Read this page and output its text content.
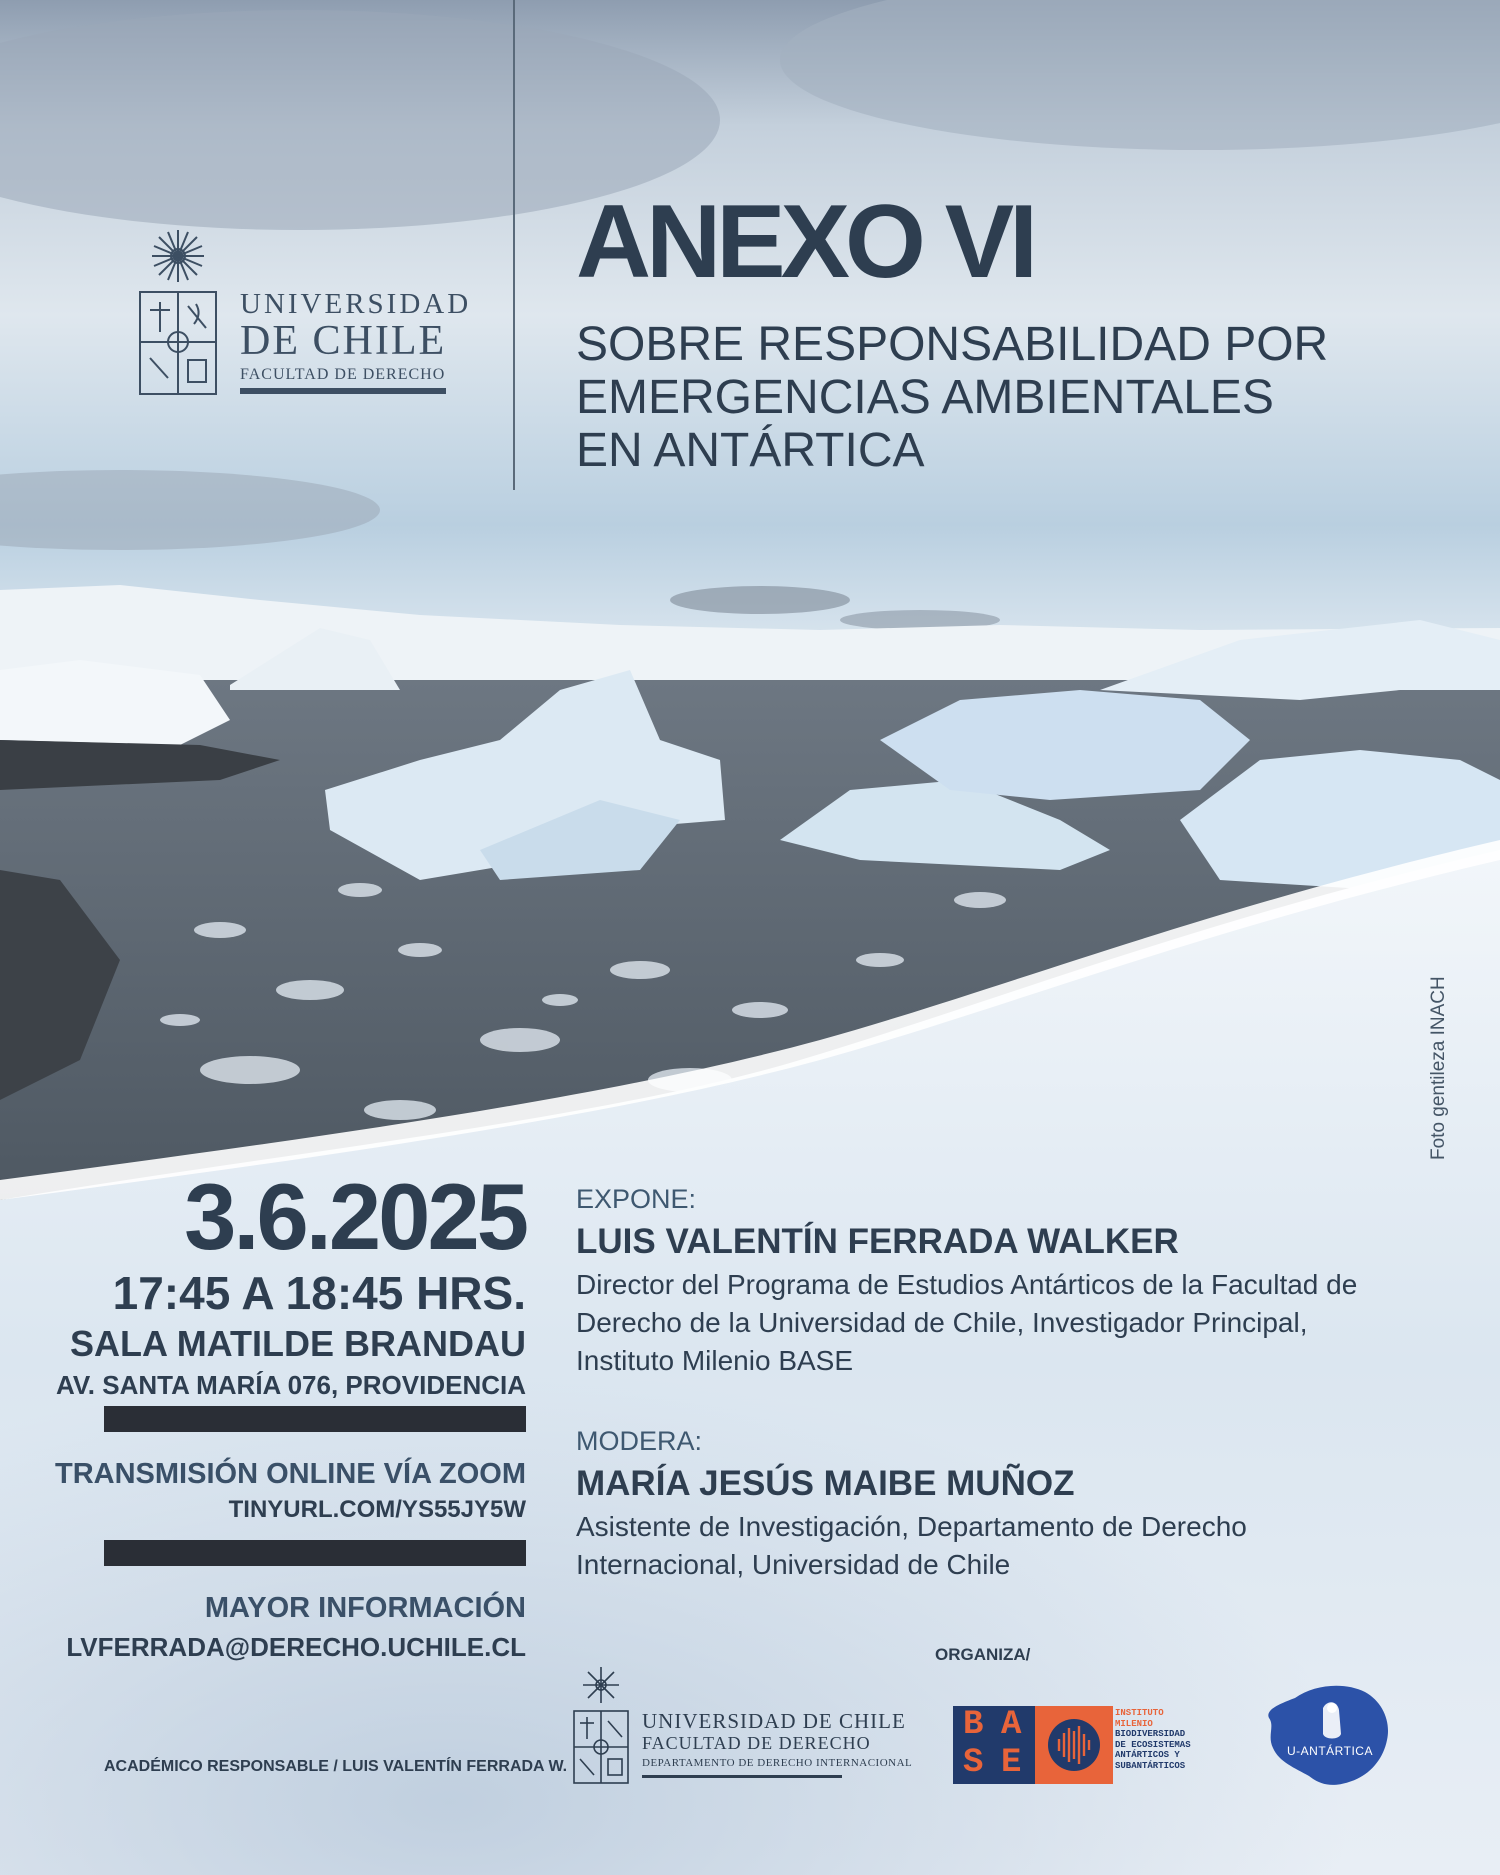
UNIVERSIDAD
DE CHILE
FACULTAD DE DERECHO
ANEXO VI
SOBRE RESPONSABILIDAD POR
EMERGENCIAS AMBIENTALES
EN ANTÁRTICA
Foto gentileza INACH
3.6.2025
17:45 A 18:45 HRS.
SALA MATILDE BRANDAU
AV. SANTA MARÍA 076, PROVIDENCIA
TRANSMISIÓN ONLINE VÍA ZOOM
TINYURL.COM/YS55JY5W
MAYOR INFORMACIÓN
LVFERRADA@DERECHO.UCHILE.CL
ACADÉMICO RESPONSABLE / LUIS VALENTÍN FERRADA W.
EXPONE:
LUIS VALENTÍN FERRADA WALKER
Director del Programa de Estudios Antárticos de la Facultad de
Derecho de la Universidad de Chile, Investigador Principal,
Instituto Milenio BASE
MODERA:
MARÍA JESÚS MAIBE MUÑOZ
Asistente de Investigación, Departamento de Derecho
Internacional, Universidad de Chile
ORGANIZA/
UNIVERSIDAD DE CHILE
FACULTAD DE DERECHO
DEPARTAMENTO DE DERECHO INTERNACIONAL
B A
S E
INSTITUTO
MILENIO
BIODIVERSIDAD
DE ECOSISTEMAS
ANTÁRTICOS Y
SUBANTÁRTICOS
U-ANTÁRTICA
